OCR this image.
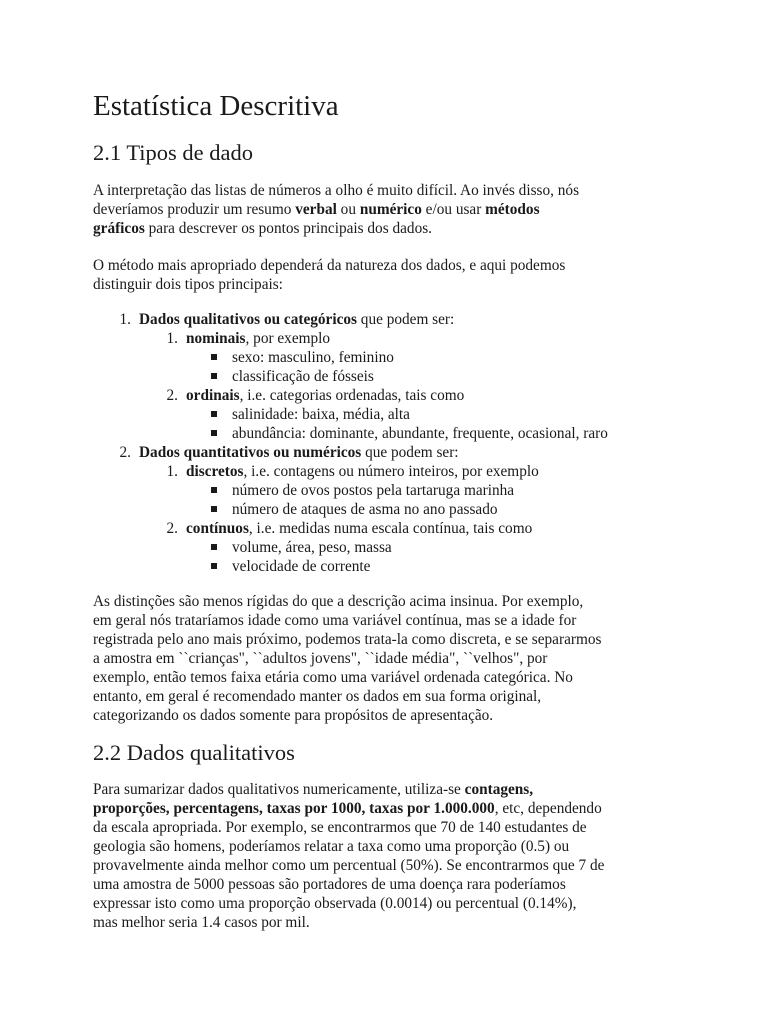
Estatística Descritiva
2.1 Tipos de dado

A interpretação das listas de números a olho é muito difícil. Ao invés disso, nós
deveríamos produzir um resumo verbal ou numérico e/ou usar métodos
gráficos para descrever os pontos principais dos dados.

O método mais apropriado dependerá da natureza dos dados, e aqui podemos
distinguir dois tipos principais:

1. Dados qualitativos ou categóricos que podem ser:
1. nominais, por exemplo
sexo: masculino, feminino
classificação de fósseis
2. ordinais, i.e. categorias ordenadas, tais como
salinidade: baixa, média, alta
abundância: dominante, abundante, frequente, ocasional, raro
2. Dados quantitativos ou numéricos que podem ser:
1. discretos, i.e. contagens ou número inteiros, por exemplo
número de ovos postos pela tartaruga marinha
número de ataques de asma no ano passado
2. contínuos, i.e. medidas numa escala contínua, tais como
volume, área, peso, massa
velocidade de corrente

As distinções são menos rígidas do que a descrição acima insinua. Por exemplo,
em geral nós trataríamos idade como uma variável contínua, mas se a idade for
registrada pelo ano mais próximo, podemos trata-la como discreta, e se separarmos
a amostra em ``crianças", ``adultos jovens", ``idade média", ``velhos", por
exemplo, então temos faixa etária como uma variável ordenada categórica. No
entanto, em geral é recomendado manter os dados em sua forma original,
categorizando os dados somente para propósitos de apresentação.

2.2 Dados qualitativos

Para sumarizar dados qualitativos numericamente, utiliza-se contagens,
proporções, percentagens, taxas por 1000, taxas por 1.000.000, etc, dependendo
da escala apropriada. Por exemplo, se encontrarmos que 70 de 140 estudantes de
geologia são homens, poderíamos relatar a taxa como uma proporção (0.5) ou
provavelmente ainda melhor como um percentual (50%). Se encontrarmos que 7 de
uma amostra de 5000 pessoas são portadores de uma doença rara poderíamos
expressar isto como uma proporção observada (0.0014) ou percentual (0.14%),
mas melhor seria 1.4 casos por mil.
